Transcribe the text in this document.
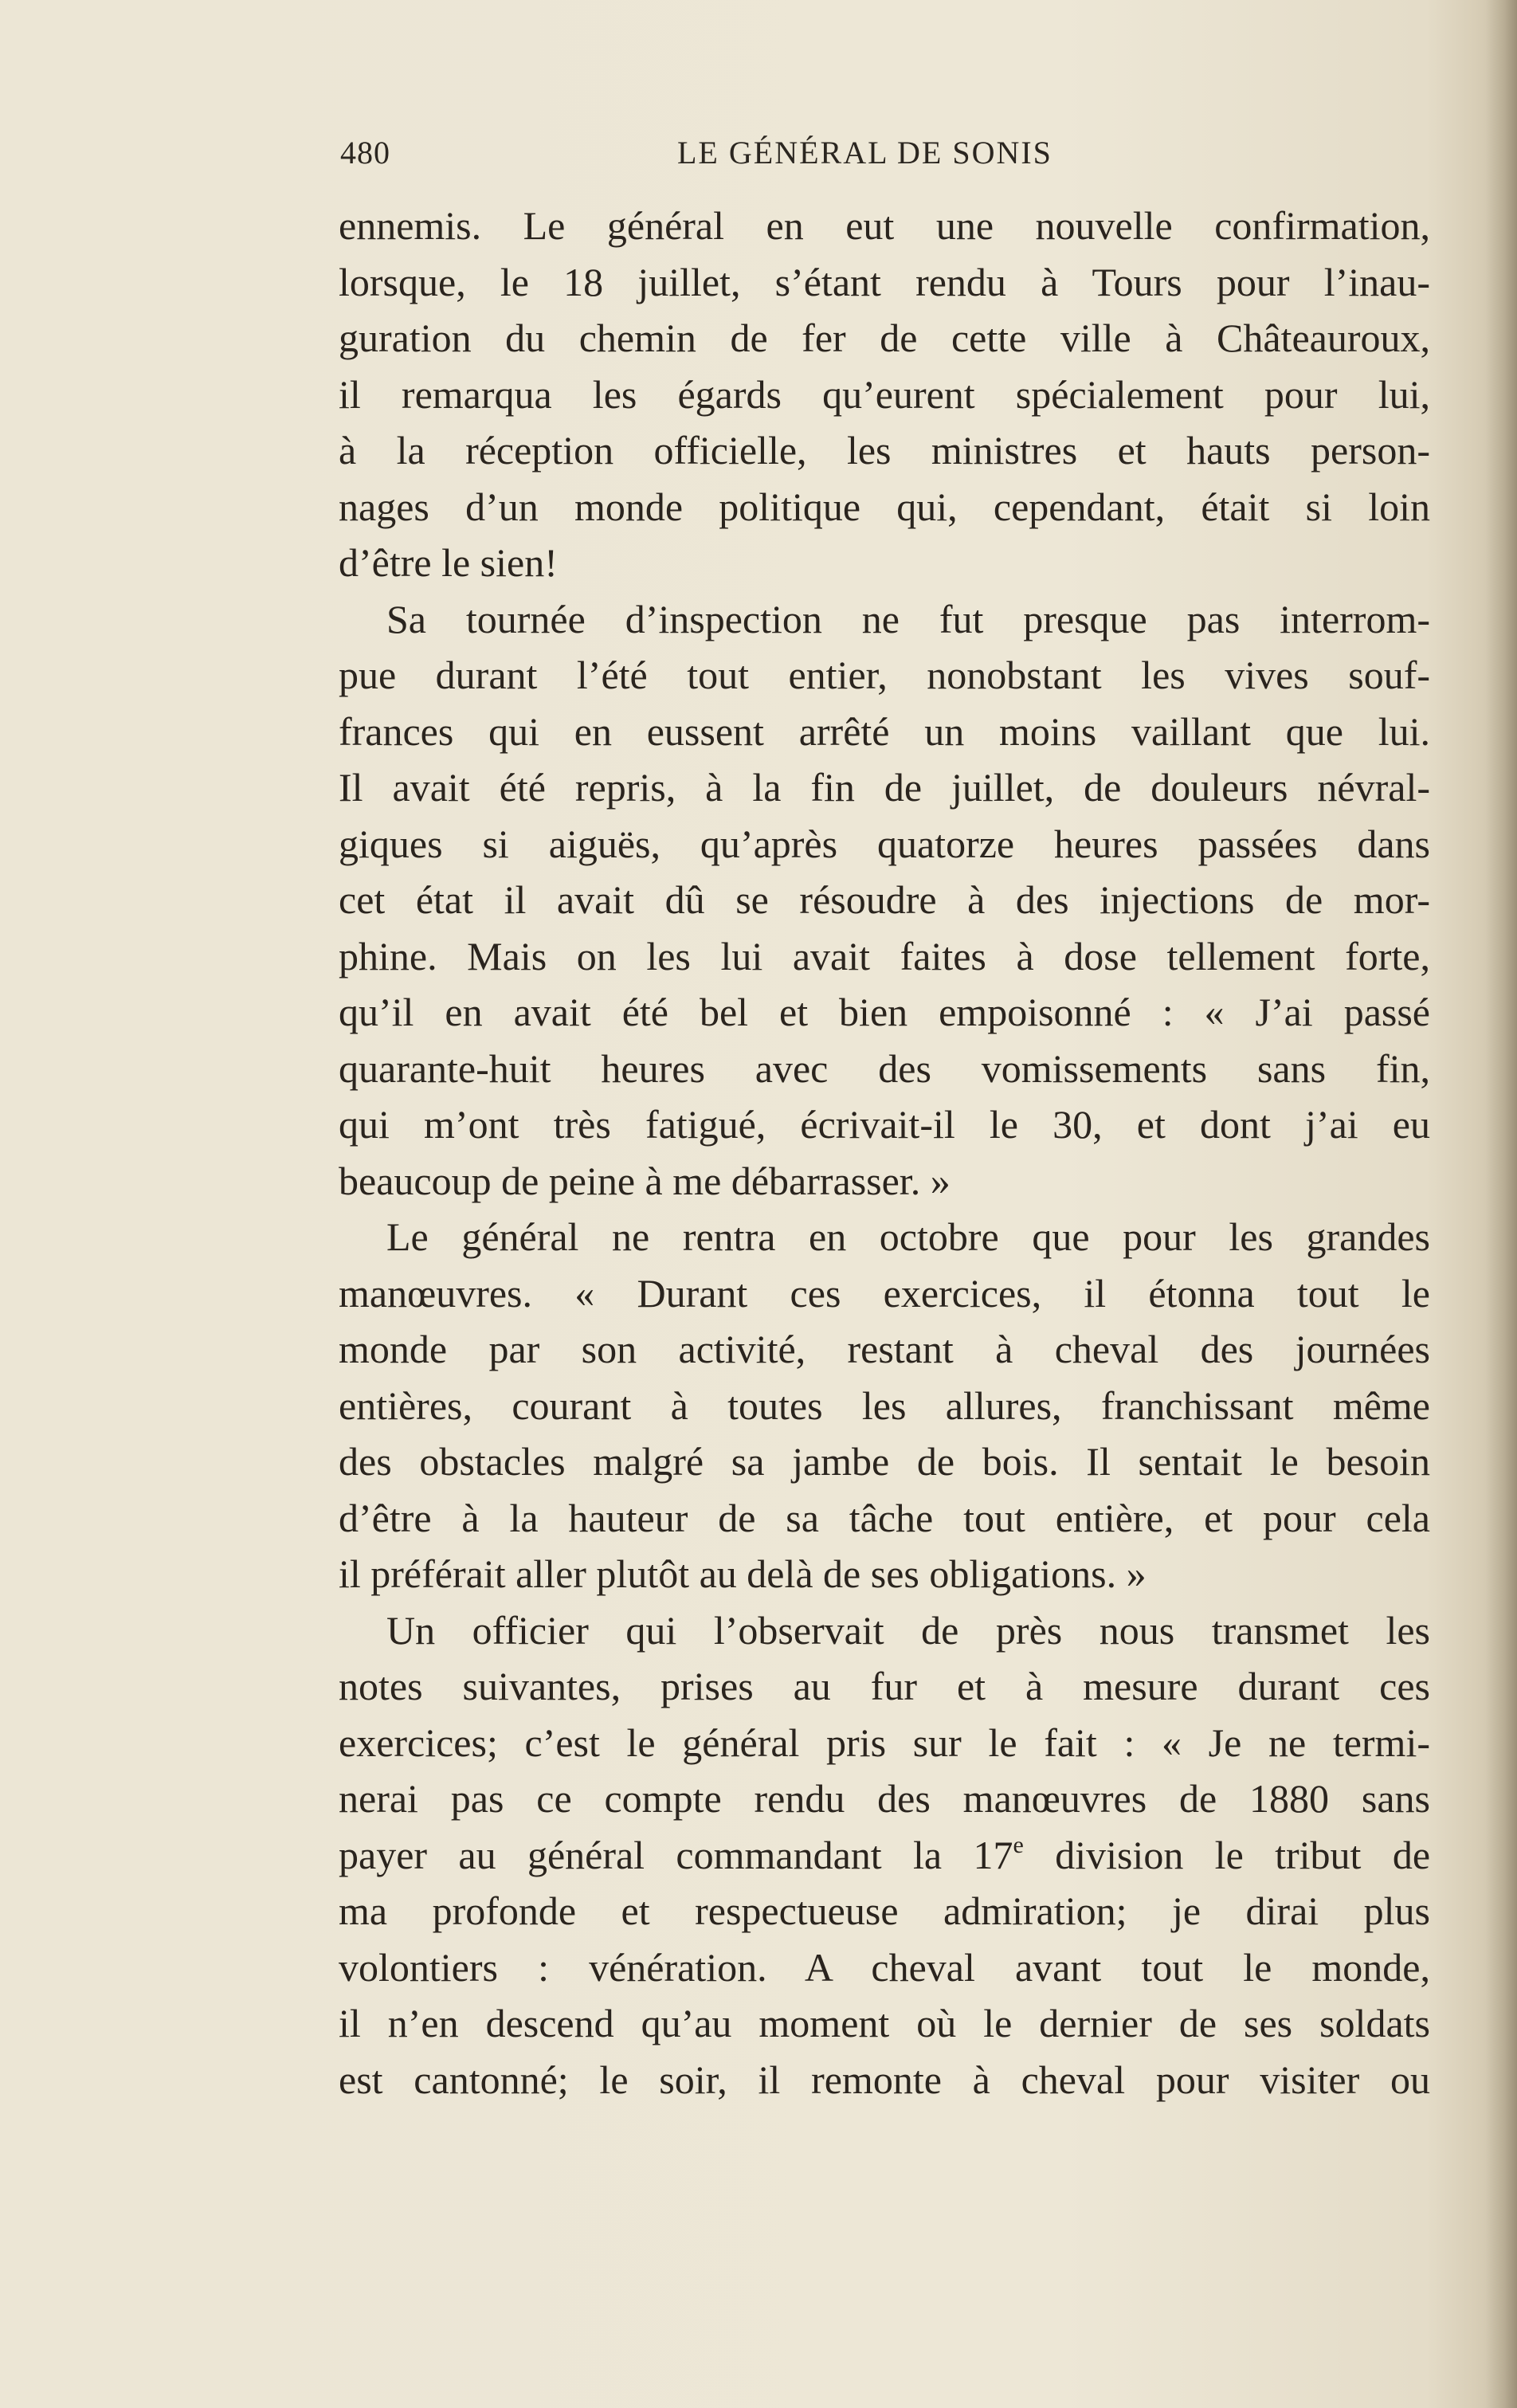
480	LE GÉNÉRAL DE SONIS
ennemis. Le général en eut une nouvelle confirmation,
lorsque, le 18 juillet, s’étant rendu à Tours pour l’inau-
guration du chemin de fer de cette ville à Châteauroux,
il remarqua les égards qu’eurent spécialement pour lui,
à la réception officielle, les ministres et hauts person-
nages d’un monde politique qui, cependant, était si loin
d’être le sien!
Sa tournée d’inspection ne fut presque pas interrom-
pue durant l’été tout entier, nonobstant les vives souf-
frances qui en eussent arrêté un moins vaillant que lui.
Il avait été repris, à la fin de juillet, de douleurs névral-
giques si aiguës, qu’après quatorze heures passées dans
cet état il avait dû se résoudre à des injections de mor-
phine. Mais on les lui avait faites à dose tellement forte,
qu’il en avait été bel et bien empoisonné : « J’ai passé
quarante-huit heures avec des vomissements sans fin,
qui m’ont très fatigué, écrivait-il le 30, et dont j’ai eu
beaucoup de peine à me débarrasser. »
Le général ne rentra en octobre que pour les grandes
manœuvres. « Durant ces exercices, il étonna tout le
monde par son activité, restant à cheval des journées
entières, courant à toutes les allures, franchissant même
des obstacles malgré sa jambe de bois. Il sentait le besoin
d’être à la hauteur de sa tâche tout entière, et pour cela
il préférait aller plutôt au delà de ses obligations. »
Un officier qui l’observait de près nous transmet les
notes suivantes, prises au fur et à mesure durant ces
exercices; c’est le général pris sur le fait : « Je ne termi-
nerai pas ce compte rendu des manœuvres de 1880 sans
payer au général commandant la 17e division le tribut de
ma profonde et respectueuse admiration; je dirai plus
volontiers : vénération. A cheval avant tout le monde,
il n’en descend qu’au moment où le dernier de ses soldats
est cantonné; le soir, il remonte à cheval pour visiter ou
